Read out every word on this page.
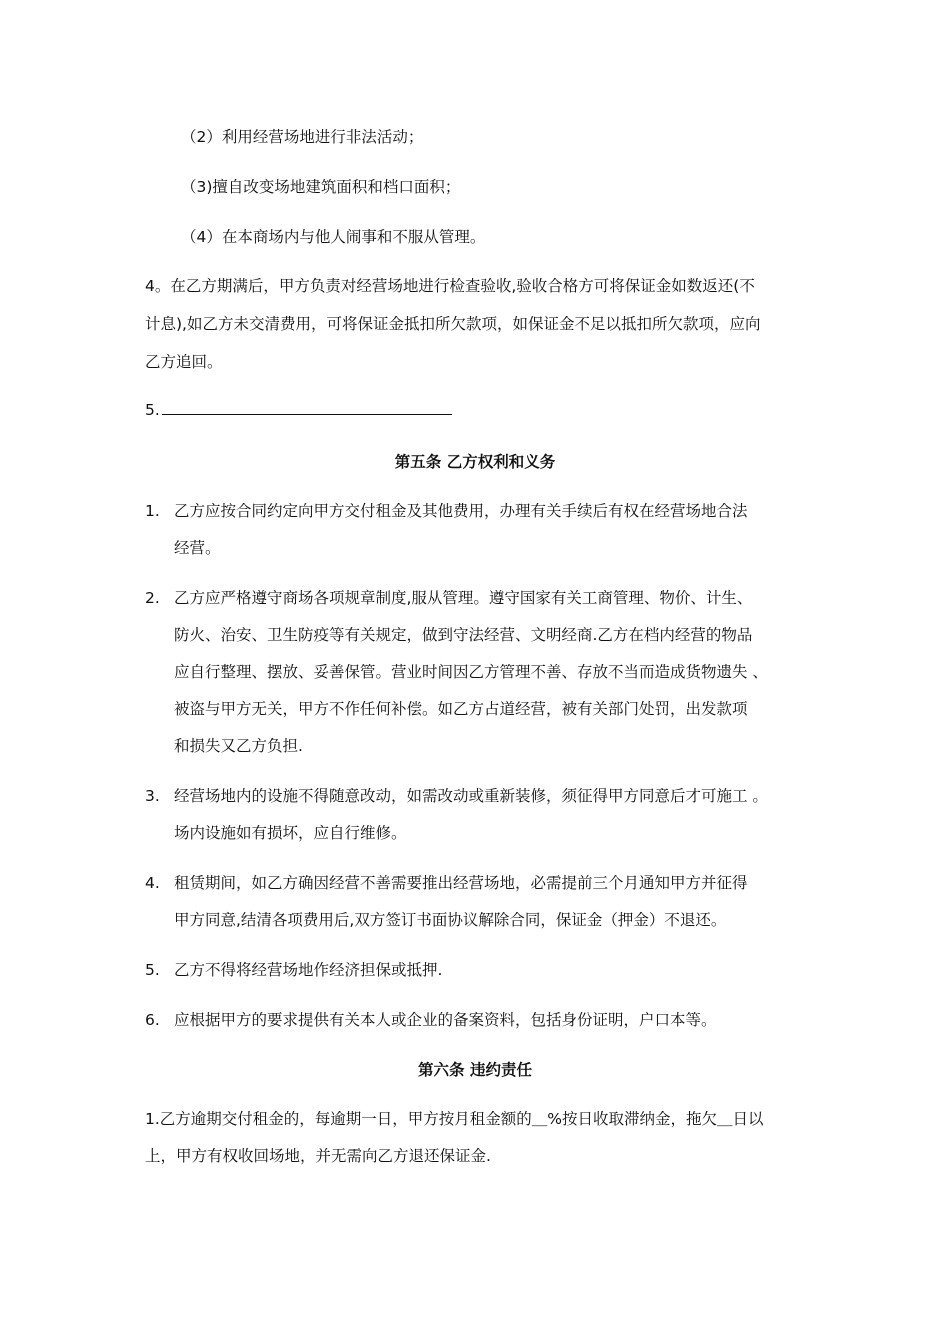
（2）利用经营场地进行非法活动；
（3)擅自改变场地建筑面积和档口面积；
（4）在本商场内与他人闹事和不服从管理。
4。在乙方期满后，甲方负责对经营场地进行检查验收,验收合格方可将保证金如数返还(不
计息),如乙方未交清费用，可将保证金抵扣所欠款项，如保证金不足以抵扣所欠款项，应向
乙方追回。
5.
第五条 乙方权利和义务
1. 乙方应按合同约定向甲方交付租金及其他费用，办理有关手续后有权在经营场地合法
经营。
2. 乙方应严格遵守商场各项规章制度,服从管理。遵守国家有关工商管理、物价、计生、
防火、治安、卫生防疫等有关规定，做到守法经营、文明经商.乙方在档内经营的物品
应自行整理、摆放、妥善保管。营业时间因乙方管理不善、存放不当而造成货物遗失 、
被盗与甲方无关，甲方不作任何补偿。如乙方占道经营，被有关部门处罚，出发款项
和损失又乙方负担.
3. 经营场地内的设施不得随意改动，如需改动或重新装修，须征得甲方同意后才可施工 。
场内设施如有损坏，应自行维修。
4. 租赁期间，如乙方确因经营不善需要推出经营场地，必需提前三个月通知甲方并征得
甲方同意,结清各项费用后,双方签订书面协议解除合同，保证金（押金）不退还。
5. 乙方不得将经营场地作经济担保或抵押.
6. 应根据甲方的要求提供有关本人或企业的备案资料，包括身份证明，户口本等。
第六条 违约责任
1.乙方逾期交付租金的，每逾期一日，甲方按月租金额的＿%按日收取滞纳金，拖欠＿日以
上，甲方有权收回场地，并无需向乙方退还保证金.
